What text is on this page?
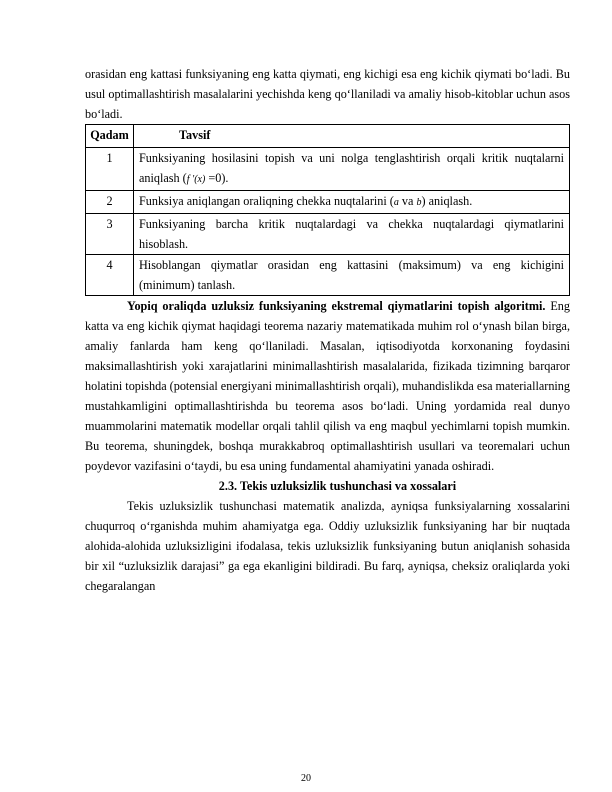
orasidan eng kattasi funksiyaning eng katta qiymati, eng kichigi esa eng kichik qiymati bo‘ladi. Bu usul optimallashtirish masalalarini yechishda keng qo‘llaniladi va amaliy hisob-kitoblar uchun asos bo‘ladi.

Qadam	Tavsif
1	Funksiyaning hosilasini topish va uni nolga tenglashtirish orqali kritik nuqtalarni aniqlash (f ′(x) =0).
2	Funksiya aniqlangan oraliqning chekka nuqtalarini (a va b) aniqlash.
3	Funksiyaning barcha kritik nuqtalardagi va chekka nuqtalardagi qiymatlarini hisoblash.
4	Hisoblangan qiymatlar orasidan eng kattasini (maksimum) va eng kichigini (minimum) tanlash.

Yopiq oraliqda uzluksiz funksiyaning ekstremal qiymatlarini topish algoritmi. Eng katta va eng kichik qiymat haqidagi teorema nazariy matematikada muhim rol o‘ynash bilan birga, amaliy fanlarda ham keng qo‘llaniladi. Masalan, iqtisodiyotda korxonaning foydasini maksimallashtirish yoki xarajatlarini minimallashtirish masalalarida, fizikada tizimning barqaror holatini topishda (potensial energiyani minimallashtirish orqali), muhandislikda esa materiallarning mustahkamligini optimallashtirishda bu teorema asos bo‘ladi. Uning yordamida real dunyo muammolarini matematik modellar orqali tahlil qilish va eng maqbul yechimlarni topish mumkin. Bu teorema, shuningdek, boshqa murakkabroq optimallashtirish usullari va teoremalari uchun poydevor vazifasini o‘taydi, bu esa uning fundamental ahamiyatini yanada oshiradi.

2.3. Tekis uzluksizlik tushunchasi va xossalari

Tekis uzluksizlik tushunchasi matematik analizda, ayniqsa funksiyalarning xossalarini chuqurroq o‘rganishda muhim ahamiyatga ega. Oddiy uzluksizlik funksiyaning har bir nuqtada alohida-alohida uzluksizligini ifodalasa, tekis uzluksizlik funksiyaning butun aniqlanish sohasida bir xil “uzluksizlik darajasi” ga ega ekanligini bildiradi. Bu farq, ayniqsa, cheksiz oraliqlarda yoki chegaralangan

20
